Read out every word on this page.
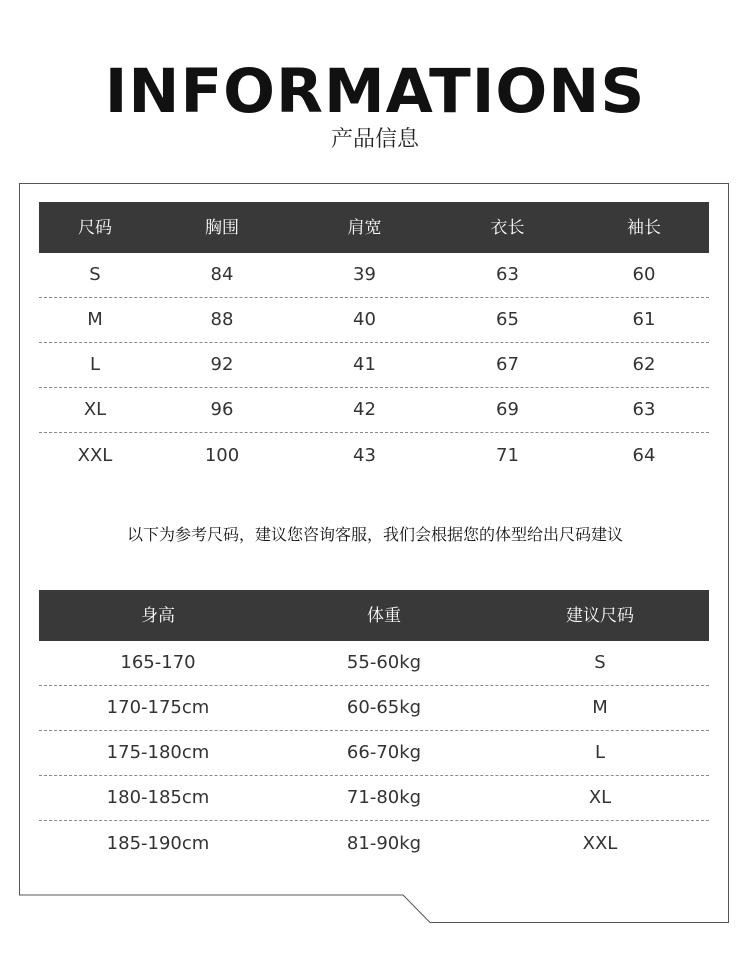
INFORMATIONS
产品信息
尺码	胸围	肩宽	衣长	袖长
S	84	39	63	60
M	88	40	65	61
L	92	41	67	62
XL	96	42	69	63
XXL	100	43	71	64
以下为参考尺码，建议您咨询客服，我们会根据您的体型给出尺码建议
身高	体重	建议尺码
165-170	55-60kg	S
170-175cm	60-65kg	M
175-180cm	66-70kg	L
180-185cm	71-80kg	XL
185-190cm	81-90kg	XXL
